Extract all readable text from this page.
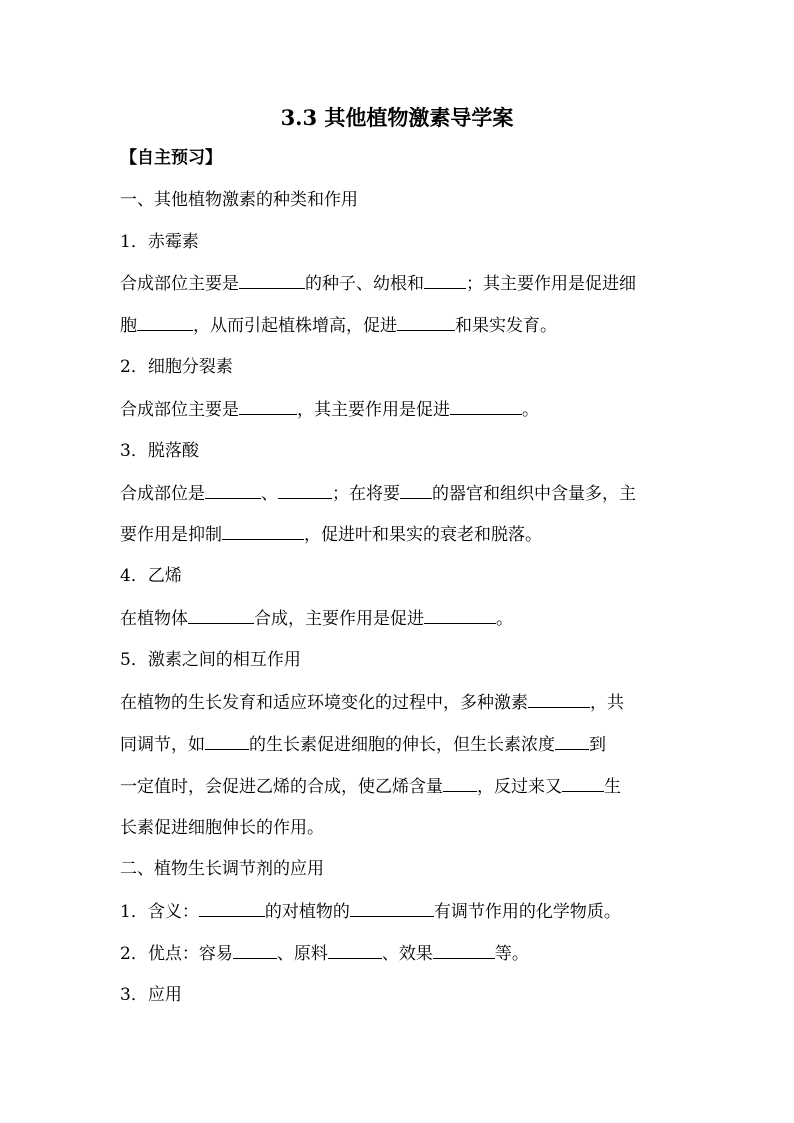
3.3 其他植物激素导学案
【自主预习】
一、其他植物激素的种类和作用
1．赤霉素
合成部位主要是	的种子、幼根和 ；其主要作用是促进细
胞	，从而引起植株增高，促进	和果实发育。
2．细胞分裂素
合成部位主要是	，其主要作用是促进	。
3．脱落酸
合成部位是	、	；在将要 的器官和组织中含量多，主
要作用是抑制	，促进叶和果实的衰老和脱落。
4．乙烯
在植物体	合成，主要作用是促进	。
5．激素之间的相互作用
在植物的生长发育和适应环境变化的过程中，多种激素	，共
同调节，如	的生长素促进细胞的伸长，但生长素浓度 到
一定值时，会促进乙烯的合成，使乙烯含量 ，反过来又 生
长素促进细胞伸长的作用。
二、植物生长调节剂的应用
1．含义：	的对植物的	有调节作用的化学物质。
2．优点：容易	、原料	、效果	等。
3．应用
